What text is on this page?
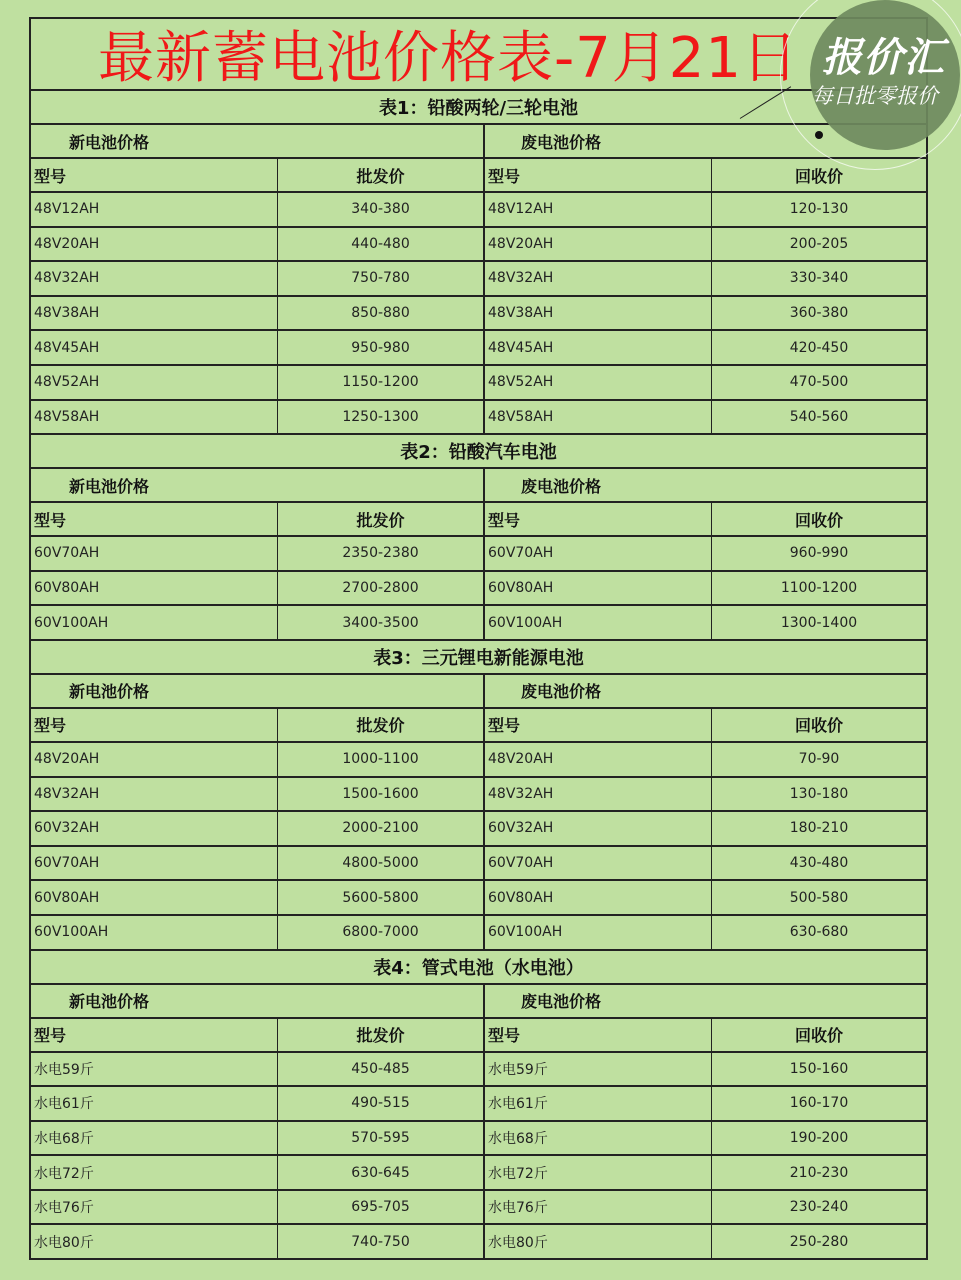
最新蓄电池价格表-7月21日
表1：铅酸两轮/三轮电池
新电池价格	废电池价格
型号	批发价	型号	回收价
48V12AH	340-380	48V12AH	120-130
48V20AH	440-480	48V20AH	200-205
48V32AH	750-780	48V32AH	330-340
48V38AH	850-880	48V38AH	360-380
48V45AH	950-980	48V45AH	420-450
48V52AH	1150-1200	48V52AH	470-500
48V58AH	1250-1300	48V58AH	540-560
表2：铅酸汽车电池
新电池价格	废电池价格
型号	批发价	型号	回收价
60V70AH	2350-2380	60V70AH	960-990
60V80AH	2700-2800	60V80AH	1100-1200
60V100AH	3400-3500	60V100AH	1300-1400
表3：三元锂电新能源电池
新电池价格	废电池价格
型号	批发价	型号	回收价
48V20AH	1000-1100	48V20AH	70-90
48V32AH	1500-1600	48V32AH	130-180
60V32AH	2000-2100	60V32AH	180-210
60V70AH	4800-5000	60V70AH	430-480
60V80AH	5600-5800	60V80AH	500-580
60V100AH	6800-7000	60V100AH	630-680
表4：管式电池（水电池）
新电池价格	废电池价格
型号	批发价	型号	回收价
水电59斤	450-485	水电59斤	150-160
水电61斤	490-515	水电61斤	160-170
水电68斤	570-595	水电68斤	190-200
水电72斤	630-645	水电72斤	210-230
水电76斤	695-705	水电76斤	230-240
水电80斤	740-750	水电80斤	250-280
报价汇
每日批零报价
